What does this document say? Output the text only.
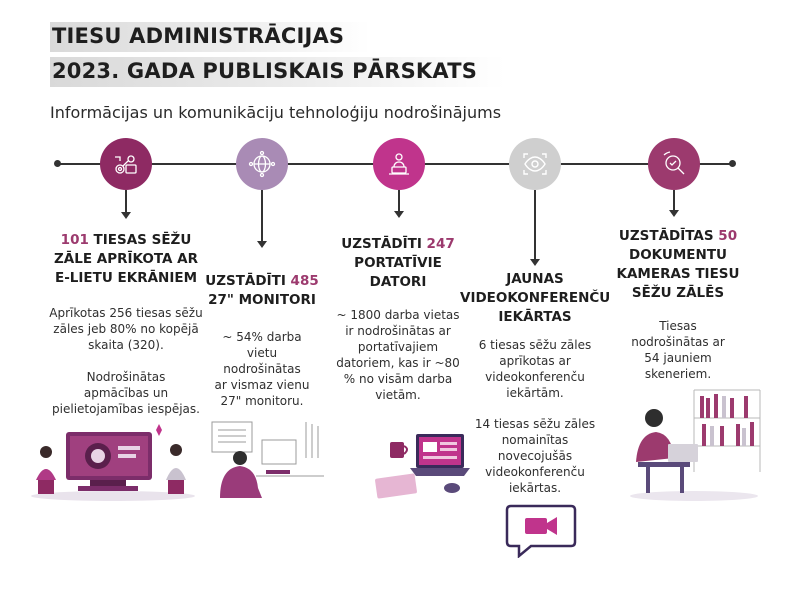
TIESU ADMINISTRĀCIJAS
2023. GADA PUBLISKAIS PĀRSKATS
Informācijas un komunikāciju tehnoloģiju nodrošinājums
101 TIESAS SĒŽU
ZĀLE APRĪKOTA AR
E-LIETU EKRĀNIEM
Aprīkotas 256 tiesas sēžu
zāles jeb 80% no kopējā
skaita (320).
Nodrošinātas
apmācības un
pielietojamības iespējas.
UZSTĀDĪTI 485
27" MONITORI
~ 54% darba
vietu
nodrošinātas
ar vismaz vienu
27" monitoru.
UZSTĀDĪTI 247
PORTATĪVIE
DATORI
~ 1800 darba vietas
ir nodrošinātas ar
portatīvajiem
datoriem, kas ir ~80
% no visām darba
vietām.
JAUNAS
VIDEOKONFERENČU
IEKĀRTAS
6 tiesas sēžu zāles
aprīkotas ar
videokonferenču
iekārtām.
14 tiesas sēžu zāles
nomainītas
novecojušās
videokonferenču
iekārtas.
UZSTĀDĪTAS 50
DOKUMENTU
KAMERAS TIESU
SĒŽU ZĀLĒS
Tiesas
nodrošinātas ar
54 jauniem
skeneriem.
